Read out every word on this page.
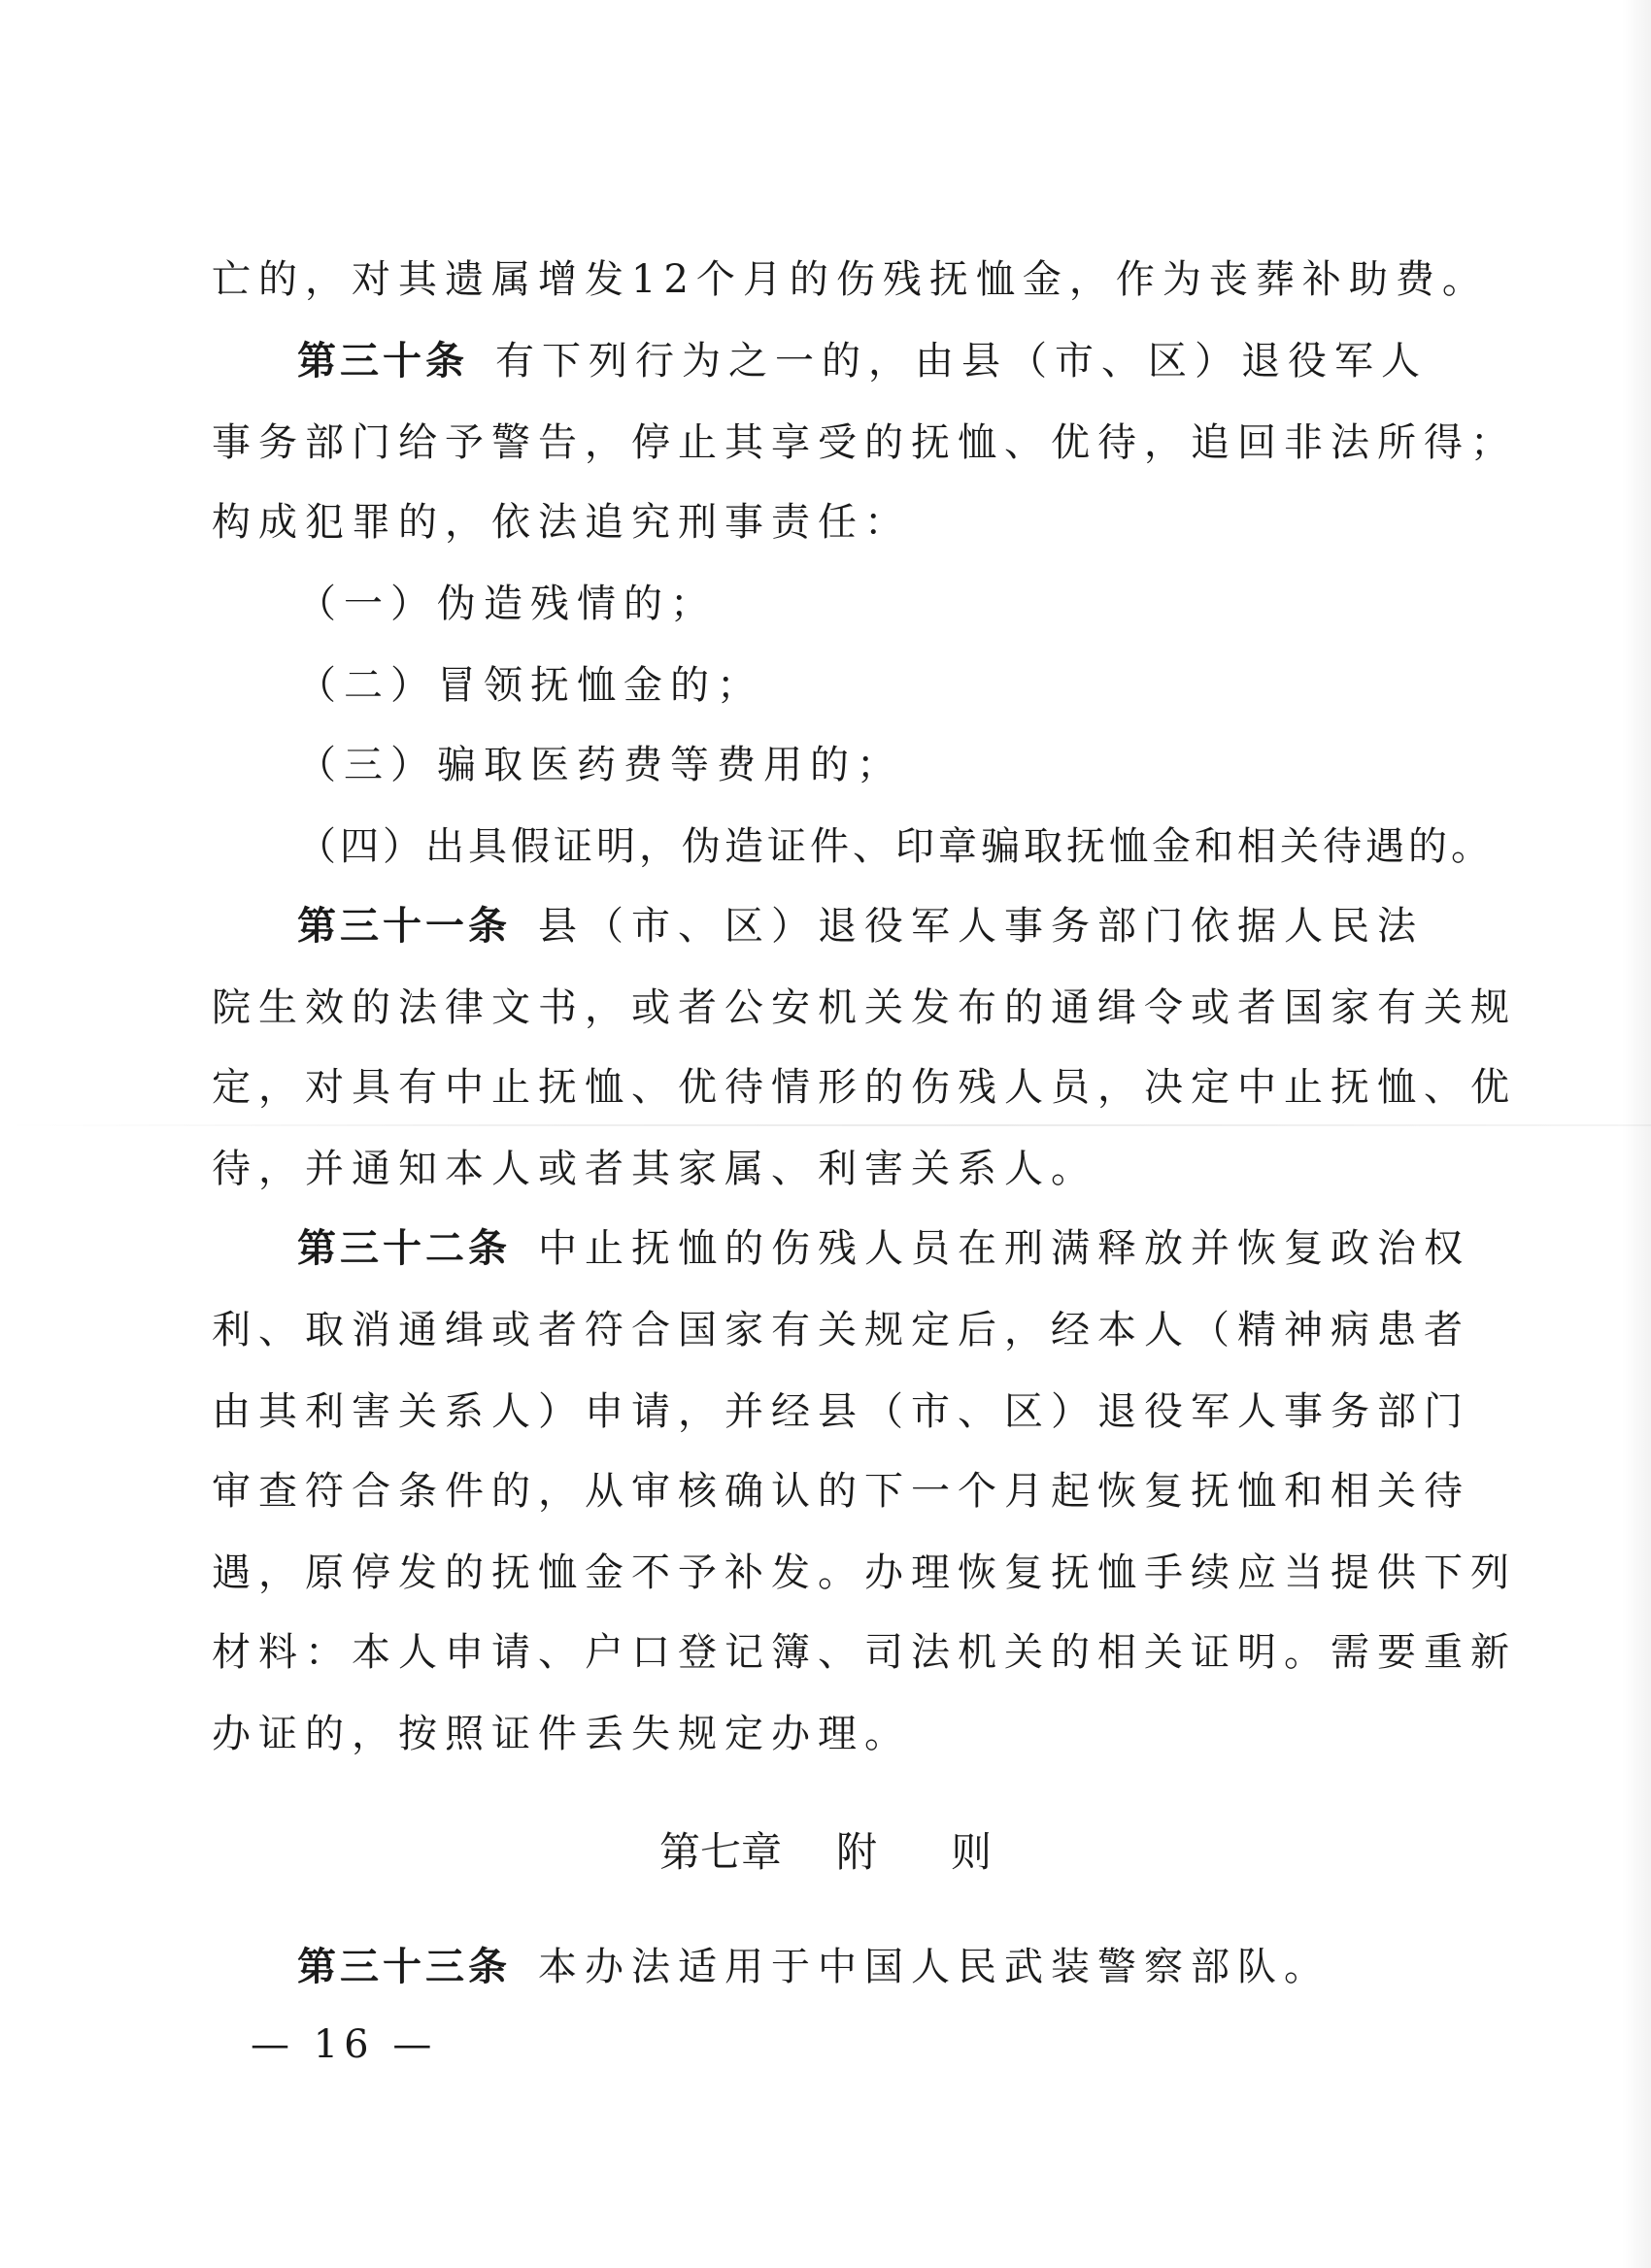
亡的，对其遗属增发12个月的伤残抚恤金，作为丧葬补助费。
第三十条 有下列行为之一的，由县（市、区）退役军人
事务部门给予警告，停止其享受的抚恤、优待，追回非法所得；
构成犯罪的，依法追究刑事责任：
（一）伪造残情的；
（二）冒领抚恤金的；
（三）骗取医药费等费用的；
（四）出具假证明，伪造证件、印章骗取抚恤金和相关待遇的。
第三十一条 县（市、区）退役军人事务部门依据人民法
院生效的法律文书，或者公安机关发布的通缉令或者国家有关规
定，对具有中止抚恤、优待情形的伤残人员，决定中止抚恤、优
待，并通知本人或者其家属、利害关系人。
第三十二条 中止抚恤的伤残人员在刑满释放并恢复政治权
利、取消通缉或者符合国家有关规定后，经本人（精神病患者
由其利害关系人）申请，并经县（市、区）退役军人事务部门
审查符合条件的，从审核确认的下一个月起恢复抚恤和相关待
遇，原停发的抚恤金不予补发。办理恢复抚恤手续应当提供下列
材料：本人申请、户口登记簿、司法机关的相关证明。需要重新
办证的，按照证件丢失规定办理。
第七章 附 则
第三十三条 本办法适用于中国人民武装警察部队。
— 16 —
